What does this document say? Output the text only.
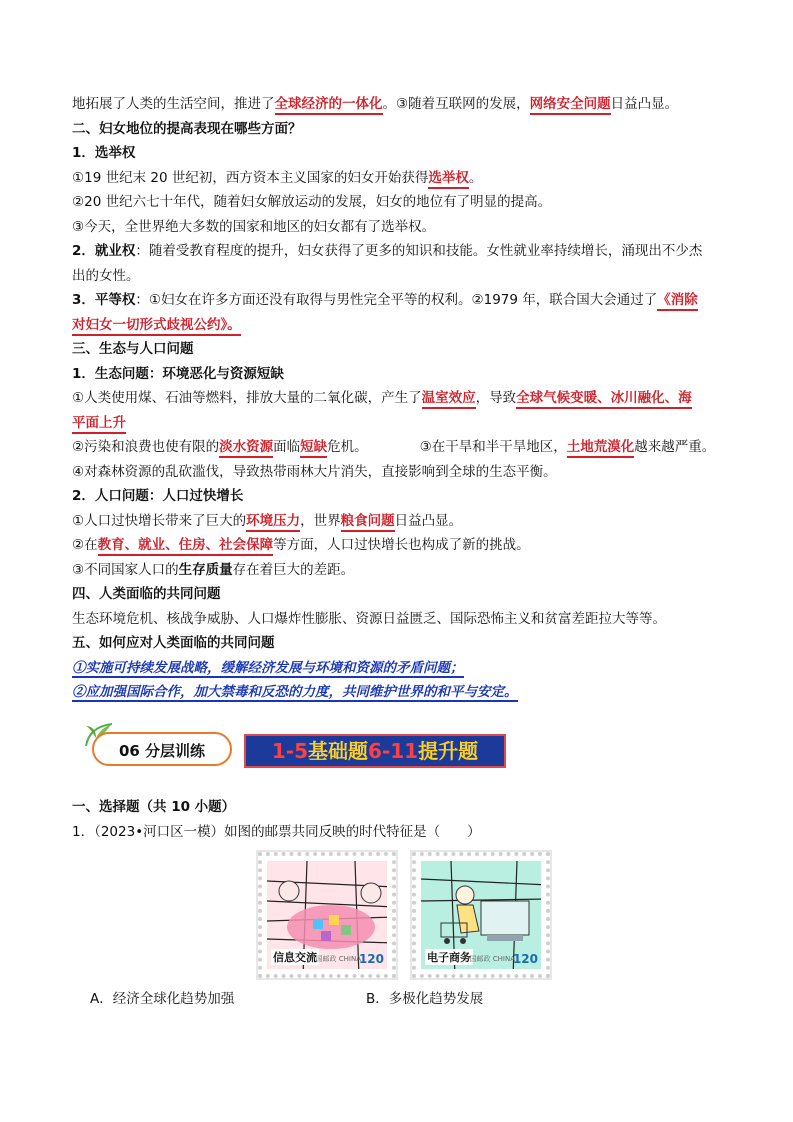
地拓展了人类的生活空间，推进了全球经济的一体化。③随着互联网的发展，网络安全问题日益凸显。
二、妇女地位的提高表现在哪些方面？
1．选举权
①19 世纪末 20 世纪初，西方资本主义国家的妇女开始获得选举权。
②20 世纪六七十年代，随着妇女解放运动的发展，妇女的地位有了明显的提高。
③今天，全世界绝大多数的国家和地区的妇女都有了选举权。
2．就业权：随着受教育程度的提升，妇女获得了更多的知识和技能。女性就业率持续增长，涌现出不少杰
出的女性。
3．平等权：①妇女在许多方面还没有取得与男性完全平等的权利。②1979 年，联合国大会通过了《消除
对妇女一切形式歧视公约》。
三、生态与人口问题
1．生态问题：环境恶化与资源短缺
①人类使用煤、石油等燃料，排放大量的二氧化碳，产生了温室效应，导致全球气候变暖、冰川融化、海
平面上升
②污染和浪费也使有限的淡水资源面临短缺危机。	③在干旱和半干旱地区，土地荒漠化越来越严重。
④对森林资源的乱砍滥伐，导致热带雨林大片消失，直接影响到全球的生态平衡。
2．人口问题：人口过快增长
①人口过快增长带来了巨大的环境压力，世界粮食问题日益凸显。
②在教育、就业、住房、社会保障等方面，人口过快增长也构成了新的挑战。
③不同国家人口的生存质量存在着巨大的差距。
四、人类面临的共同问题
生态环境危机、核战争威胁、人口爆炸性膨胀、资源日益匮乏、国际恐怖主义和贫富差距拉大等等。
五、如何应对人类面临的共同问题
①实施可持续发展战略，缓解经济发展与环境和资源的矛盾问题；
②应加强国际合作，加大禁毒和反恐的力度，共同维护世界的和平与安定。
06 分层训练	1-5基础题6-11提升题
一、选择题（共 10 小题）
1．（2023•河口区一模）如图的邮票共同反映的时代特征是（　　）
信息交流
中国邮政 CHINA
120	电子商务
中国邮政 CHINA
120
A．经济全球化趋势加强	B．多极化趋势发展
